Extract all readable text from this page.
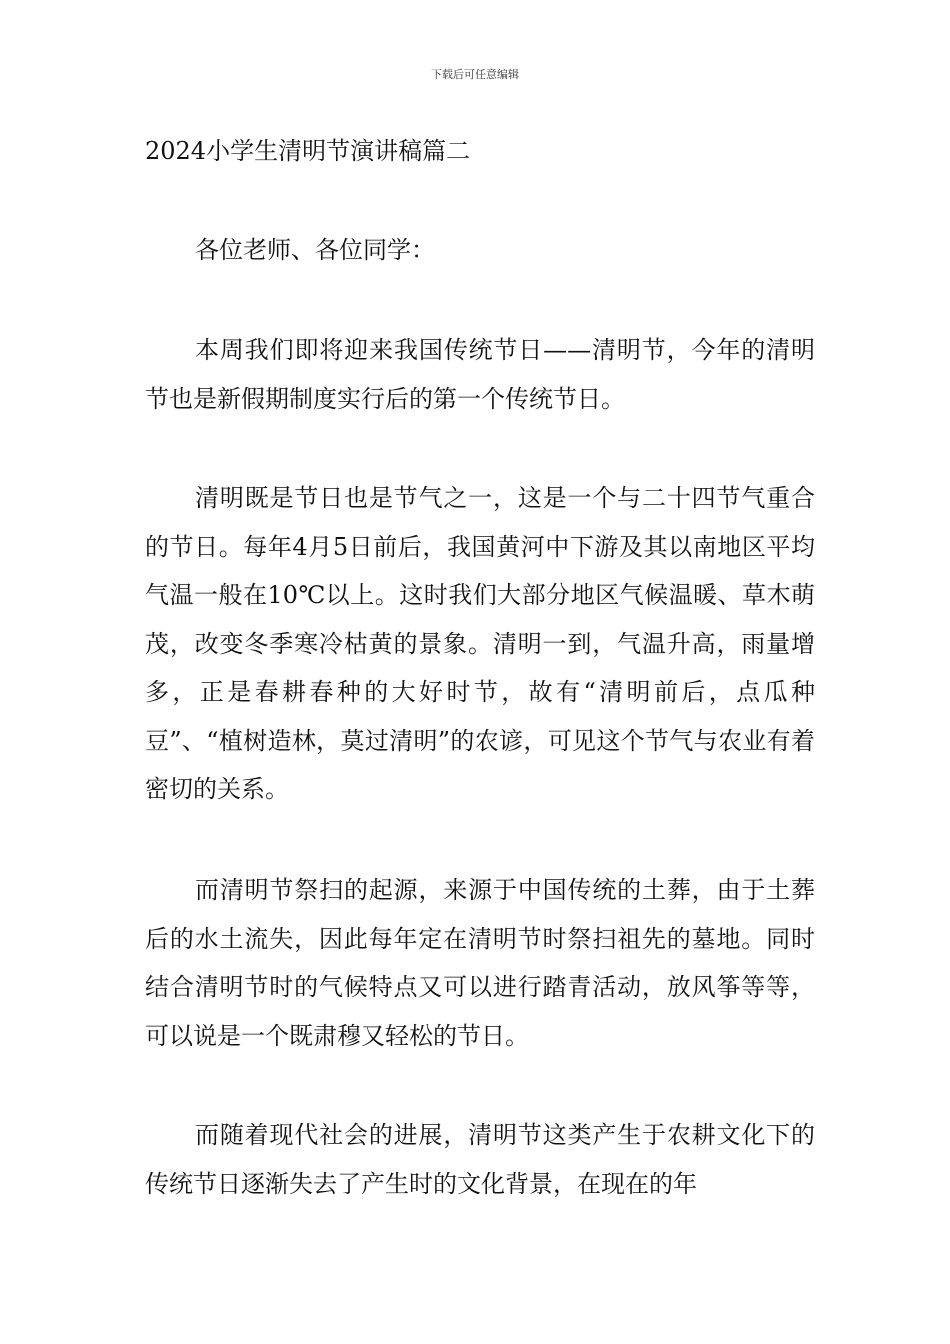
下载后可任意编辑
2024小学生清明节演讲稿篇二

各位老师、各位同学：

本周我们即将迎来我国传统节日——清明节，今年的清明节也是新假期制度实行后的第一个传统节日。

清明既是节日也是节气之一，这是一个与二十四节气重合的节日。每年4月5日前后，我国黄河中下游及其以南地区平均气温一般在10℃以上。这时我们大部分地区气候温暖、草木萌茂，改变冬季寒冷枯黄的景象。清明一到，气温升高，雨量增多，正是春耕春种的大好时节，故有“清明前后，点瓜种豆”、“植树造林，莫过清明”的农谚，可见这个节气与农业有着密切的关系。

而清明节祭扫的起源，来源于中国传统的土葬，由于土葬后的水土流失，因此每年定在清明节时祭扫祖先的墓地。同时结合清明节时的气候特点又可以进行踏青活动，放风筝等等，可以说是一个既肃穆又轻松的节日。

而随着现代社会的进展，清明节这类产生于农耕文化下的传统节日逐渐失去了产生时的文化背景，在现在的年
